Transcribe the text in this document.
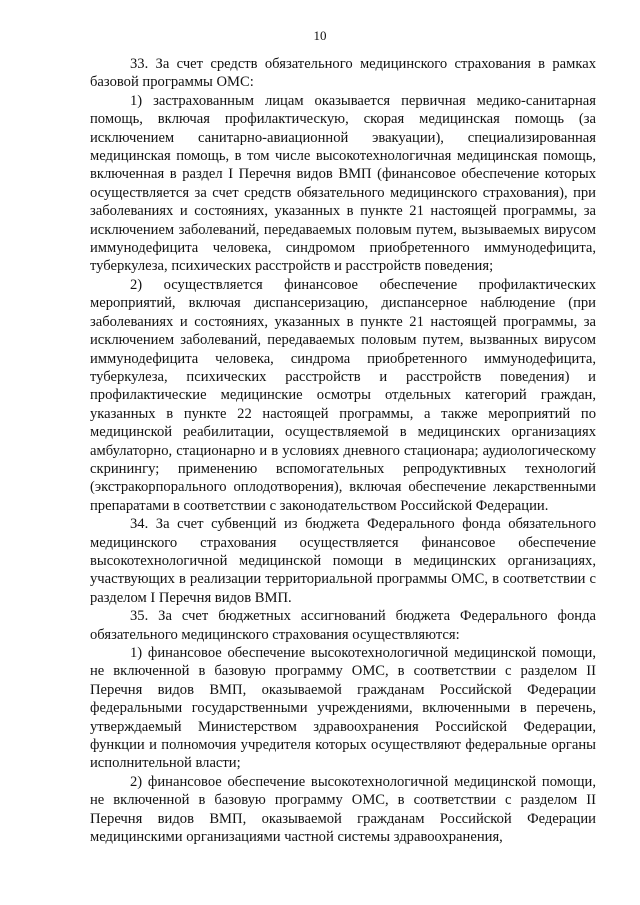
10

33. За счет средств обязательного медицинского страхования в рамках базовой программы ОМС:

1) застрахованным лицам оказывается первичная медико-санитарная помощь, включая профилактическую, скорая медицинская помощь (за исключением санитарно-авиационной эвакуации), специализированная медицинская помощь, в том числе высокотехнологичная медицинская помощь, включенная в раздел I Перечня видов ВМП (финансовое обеспечение которых осуществляется за счет средств обязательного медицинского страхования), при заболеваниях и состояниях, указанных в пункте 21 настоящей программы, за исключением заболеваний, передаваемых половым путем, вызываемых вирусом иммунодефицита человека, синдромом приобретенного иммунодефицита, туберкулеза, психических расстройств и расстройств поведения;

2) осуществляется финансовое обеспечение профилактических мероприятий, включая диспансеризацию, диспансерное наблюдение (при заболеваниях и состояниях, указанных в пункте 21 настоящей программы, за исключением заболеваний, передаваемых половым путем, вызванных вирусом иммунодефицита человека, синдрома приобретенного иммунодефицита, туберкулеза, психических расстройств и расстройств поведения) и профилактические медицинские осмотры отдельных категорий граждан, указанных в пункте 22 настоящей программы, а также мероприятий по медицинской реабилитации, осуществляемой в медицинских организациях амбулаторно, стационарно и в условиях дневного стационара; аудиологическому скринингу; применению вспомогательных репродуктивных технологий (экстракорпорального оплодотворения), включая обеспечение лекарственными препаратами в соответствии с законодательством Российской Федерации.

34. За счет субвенций из бюджета Федерального фонда обязательного медицинского страхования осуществляется финансовое обеспечение высокотехнологичной медицинской помощи в медицинских организациях, участвующих в реализации территориальной программы ОМС, в соответствии с разделом I Перечня видов ВМП.

35. За счет бюджетных ассигнований бюджета Федерального фонда обязательного медицинского страхования осуществляются:

1) финансовое обеспечение высокотехнологичной медицинской помощи, не включенной в базовую программу ОМС, в соответствии с разделом II Перечня видов ВМП, оказываемой гражданам Российской Федерации федеральными государственными учреждениями, включенными в перечень, утверждаемый Министерством здравоохранения Российской Федерации, функции и полномочия учредителя которых осуществляют федеральные органы исполнительной власти;

2) финансовое обеспечение высокотехнологичной медицинской помощи, не включенной в базовую программу ОМС, в соответствии с разделом II Перечня видов ВМП, оказываемой гражданам Российской Федерации медицинскими организациями частной системы здравоохранения,
